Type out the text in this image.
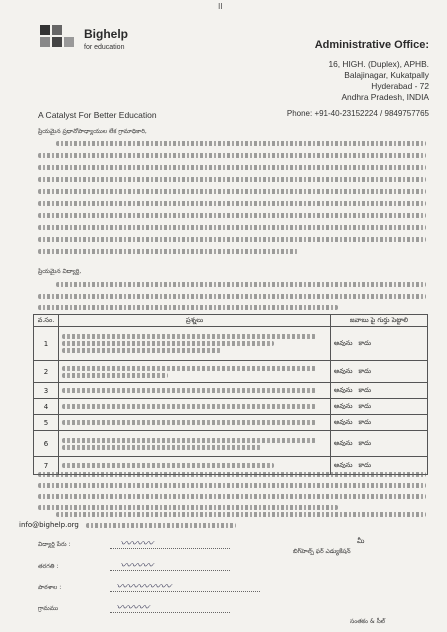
II
Bighelp
for education
A Catalyst For Better Education
Administrative Office:
16, HIGH. (Duplex), APHB.
Balajinagar, Kukatpally
Hyderabad - 72
Andhra Pradesh, INDIA
Phone: +91-40-23152224 / 9849757765
ప్రియమైన ప్రధానోపాధ్యాయుల లేక గ్రామాధికారి,
ప్రియమైన విద్యార్థి,
వ.సం.	ప్రశ్నలు	జవాబు పై గుర్తు పెట్టాలి
1		అవును కాదు
2		అవును కాదు
3		అవును కాదు
4		అవును కాదు
5		అవును కాదు
6		అవును కాదు
7		అవును కాదు
info@bighelp.org
విద్యార్థి పేరు :	〰〰〰
తరగతి :	〰〰〰
పాఠశాల :	〰〰〰〰〰
గ్రామము	〰〰〰
మీ
బిగ్‌హెల్ప్ ఫర్ ఎడ్యుకేషన్
సంతకం & సీల్
